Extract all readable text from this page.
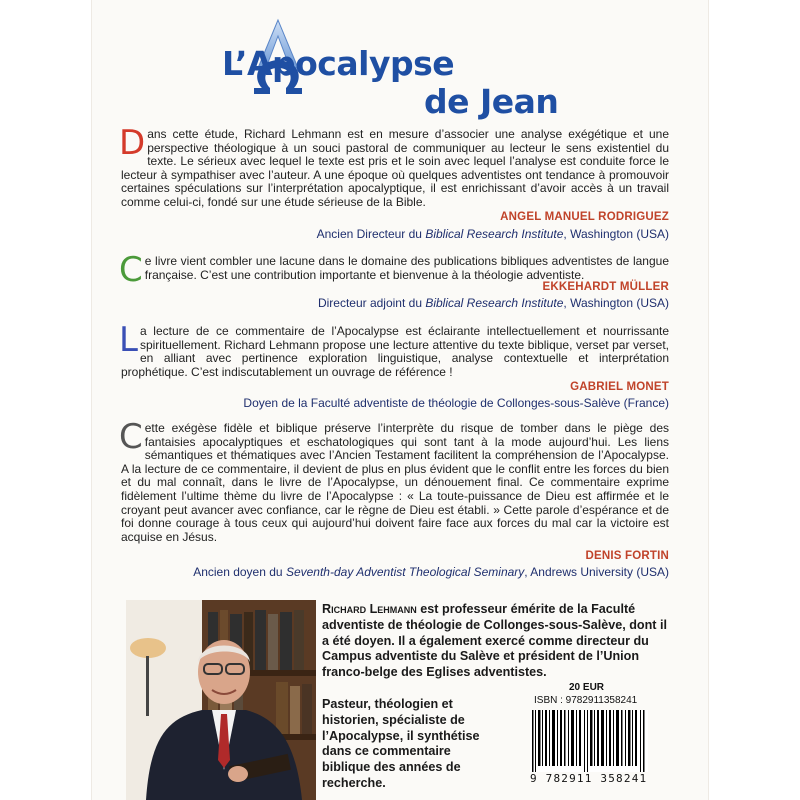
L’Apocalypse
de Jean
Dans cette étude, Richard Lehmann est en mesure d’associer une analyse exégétique et une perspective théologique à un souci pastoral de communiquer au lecteur le sens existentiel du texte. Le sérieux avec lequel le texte est pris et le soin avec lequel l’analyse est conduite force le lecteur à sympathiser avec l’auteur. A une époque où quelques adventistes ont tendance à promouvoir certaines spéculations sur l’interprétation apocalyptique, il est enrichissant d’avoir accès à un travail comme celui-ci, fondé sur une étude sérieuse de la Bible.
ANGEL MANUEL RODRIGUEZ
Ancien Directeur du Biblical Research Institute, Washington (USA)
Ce livre vient combler une lacune dans le domaine des publications bibliques adventistes de langue française. C’est une contribution importante et bienvenue à la théologie adventiste.
EKKEHARDT MÜLLER
Directeur adjoint du Biblical Research Institute, Washington (USA)
La lecture de ce commentaire de l’Apocalypse est éclairante intellectuellement et nourrissante spirituellement. Richard Lehmann propose une lecture attentive du texte biblique, verset par verset, en alliant avec pertinence exploration linguistique, analyse contextuelle et interprétation prophétique. C’est indiscutablement un ouvrage de référence !
GABRIEL MONET
Doyen de la Faculté adventiste de théologie de Collonges-sous-Salève (France)
Cette exégèse fidèle et biblique préserve l’interprète du risque de tomber dans le piège des fantaisies apocalyptiques et eschatologiques qui sont tant à la mode aujourd’hui. Les liens sémantiques et thématiques avec l’Ancien Testament facilitent la compréhension de l’Apocalypse. A la lecture de ce commentaire, il devient de plus en plus évident que le conflit entre les forces du bien et du mal connaît, dans le livre de l’Apocalypse, un dénouement final. Ce commentaire exprime fidèlement l’ultime thème du livre de l’Apocalypse : « La toute-puissance de Dieu est affirmée et le croyant peut avancer avec confiance, car le règne de Dieu est établi. » Cette parole d’espérance et de foi donne courage à tous ceux qui aujourd’hui doivent faire face aux forces du mal car la victoire est acquise en Jésus.
DENIS FORTIN
Ancien doyen du Seventh-day Adventist Theological Seminary, Andrews University (USA)
Richard Lehmann est professeur émérite de la Faculté adventiste de théologie de Collonges-sous-Salève, dont il a été doyen. Il a également exercé comme directeur du Campus adventiste du Salève et président de l’Union franco-belge des Eglises adventistes.
Pasteur, théologien et historien, spécialiste de l’Apocalypse, il synthétise dans ce commentaire biblique des années de recherche.
20 EUR
ISBN : 9782911358241
9 782911 358241
